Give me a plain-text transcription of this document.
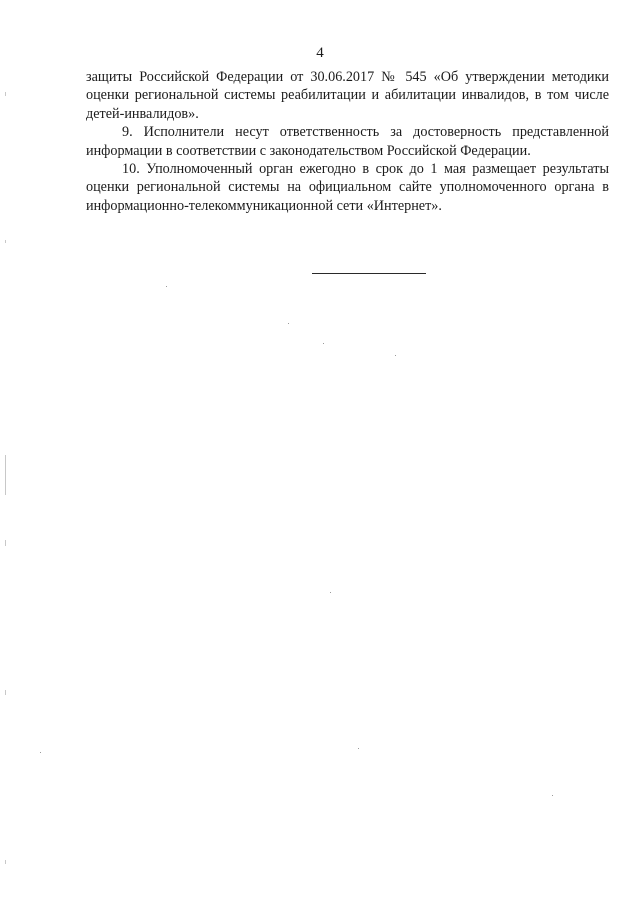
4

защиты Российской Федерации от 30.06.2017 № 545 «Об утверждении методики оценки региональной системы реабилитации и абилитации инвалидов, в том числе детей-инвалидов».

9. Исполнители несут ответственность за достоверность представленной информации в соответствии с законодательством Российской Федерации.

10. Уполномоченный орган ежегодно в срок до 1 мая размещает результаты оценки региональной системы на официальном сайте уполномоченного органа в информационно-телекоммуникационной сети «Интернет».
